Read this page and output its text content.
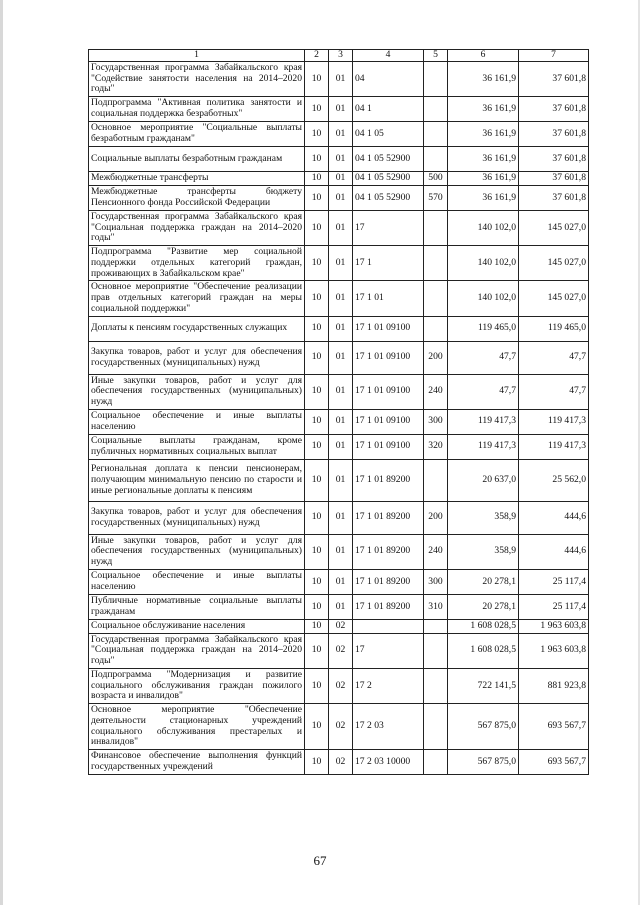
1	2	3	4	5	6	7
Государственная программа Забайкальского края "Содействие занятости населения на 2014–2020 годы"	10	01	04		36 161,9	37 601,8
Подпрограмма "Активная политика занятости и социальная поддержка безработных"	10	01	04 1		36 161,9	37 601,8
Основное мероприятие "Социальные выплаты безработным гражданам"	10	01	04 1 05		36 161,9	37 601,8
Социальные выплаты безработным гражданам	10	01	04 1 05 52900		36 161,9	37 601,8
Межбюджетные трансферты	10	01	04 1 05 52900	500	36 161,9	37 601,8
Межбюджетные трансферты бюджету Пенсионного фонда Российской Федерации	10	01	04 1 05 52900	570	36 161,9	37 601,8
Государственная программа Забайкальского края "Социальная поддержка граждан на 2014–2020 годы"	10	01	17		140 102,0	145 027,0
Подпрограмма "Развитие мер социальной поддержки отдельных категорий граждан, проживающих в Забайкальском крае"	10	01	17 1		140 102,0	145 027,0
Основное мероприятие "Обеспечение реализации прав отдельных категорий граждан на меры социальной поддержки"	10	01	17 1 01		140 102,0	145 027,0
Доплаты к пенсиям государственных служащих	10	01	17 1 01 09100		119 465,0	119 465,0
Закупка товаров, работ и услуг для обеспечения государственных (муниципальных) нужд	10	01	17 1 01 09100	200	47,7	47,7
Иные закупки товаров, работ и услуг для обеспечения государственных (муниципальных) нужд	10	01	17 1 01 09100	240	47,7	47,7
Социальное обеспечение и иные выплаты населению	10	01	17 1 01 09100	300	119 417,3	119 417,3
Социальные выплаты гражданам, кроме публичных нормативных социальных выплат	10	01	17 1 01 09100	320	119 417,3	119 417,3
Региональная доплата к пенсии пенсионерам, получающим минимальную пенсию по старости и иные региональные доплаты к пенсиям	10	01	17 1 01 89200		20 637,0	25 562,0
Закупка товаров, работ и услуг для обеспечения государственных (муниципальных) нужд	10	01	17 1 01 89200	200	358,9	444,6
Иные закупки товаров, работ и услуг для обеспечения государственных (муниципальных) нужд	10	01	17 1 01 89200	240	358,9	444,6
Социальное обеспечение и иные выплаты населению	10	01	17 1 01 89200	300	20 278,1	25 117,4
Публичные нормативные социальные выплаты гражданам	10	01	17 1 01 89200	310	20 278,1	25 117,4
Социальное обслуживание населения	10	02			1 608 028,5	1 963 603,8
Государственная программа Забайкальского края "Социальная поддержка граждан на 2014–2020 годы"	10	02	17		1 608 028,5	1 963 603,8
Подпрограмма "Модернизация и развитие социального обслуживания граждан пожилого возраста и инвалидов"	10	02	17 2		722 141,5	881 923,8
Основное мероприятие "Обеспечение деятельности стационарных учреждений социального обслуживания престарелых и инвалидов"	10	02	17 2 03		567 875,0	693 567,7
Финансовое обеспечение выполнения функций государственных учреждений	10	02	17 2 03 10000		567 875,0	693 567,7
67
